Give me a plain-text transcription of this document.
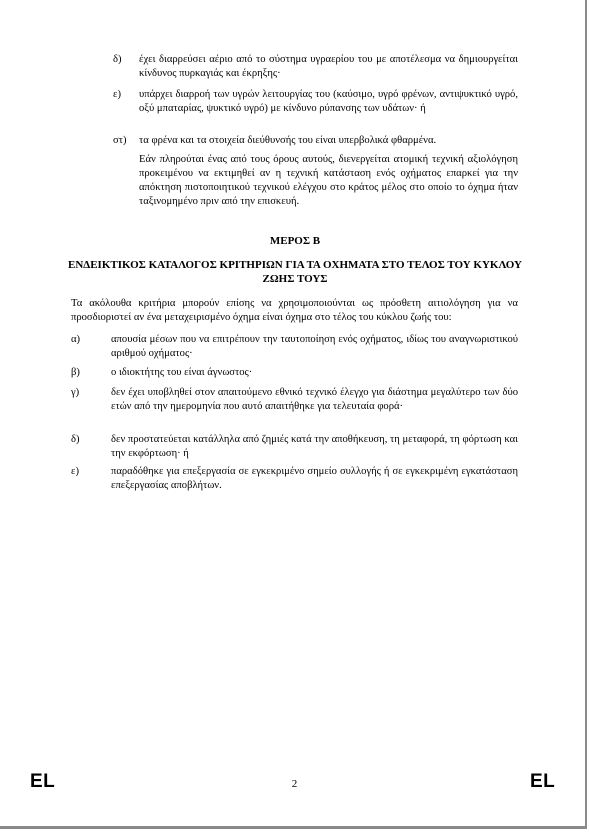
δ) έχει διαρρεύσει αέριο από το σύστημα υγραερίου του με αποτέλεσμα να δημιουργείται κίνδυνος πυρκαγιάς και έκρηξης·
ε) υπάρχει διαρροή των υγρών λειτουργίας του (καύσιμο, υγρό φρένων, αντιψυκτικό υγρό, οξύ μπαταρίας, ψυκτικό υγρό) με κίνδυνο ρύπανσης των υδάτων· ή
στ) τα φρένα και τα στοιχεία διεύθυνσής του είναι υπερβολικά φθαρμένα.
Εάν πληρούται ένας από τους όρους αυτούς, διενεργείται ατομική τεχνική αξιολόγηση προκειμένου να εκτιμηθεί αν η τεχνική κατάσταση ενός οχήματος επαρκεί για την απόκτηση πιστοποιητικού τεχνικού ελέγχου στο κράτος μέλος στο οποίο το όχημα ήταν ταξινομημένο πριν από την επισκευή.
ΜΕΡΟΣ Β
ΕΝΔΕΙΚΤΙΚΟΣ ΚΑΤΑΛΟΓΟΣ ΚΡΙΤΗΡΙΩΝ ΓΙΑ ΤΑ ΟΧΗΜΑΤΑ ΣΤΟ ΤΕΛΟΣ ΤΟΥ ΚΥΚΛΟΥ ΖΩΗΣ ΤΟΥΣ
Τα ακόλουθα κριτήρια μπορούν επίσης να χρησιμοποιούνται ως πρόσθετη αιτιολόγηση για να προσδιοριστεί αν ένα μεταχειρισμένο όχημα είναι όχημα στο τέλος του κύκλου ζωής του:
α)	απουσία μέσων που να επιτρέπουν την ταυτοποίηση ενός οχήματος, ιδίως του αναγνωριστικού αριθμού οχήματος·
β)	ο ιδιοκτήτης του είναι άγνωστος·
γ)	δεν έχει υποβληθεί στον απαιτούμενο εθνικό τεχνικό έλεγχο για διάστημα μεγαλύτερο των δύο ετών από την ημερομηνία που αυτό απαιτήθηκε για τελευταία φορά·
δ)	δεν προστατεύεται κατάλληλα από ζημιές κατά την αποθήκευση, τη μεταφορά, τη φόρτωση και την εκφόρτωση· ή
ε)	παραδόθηκε για επεξεργασία σε εγκεκριμένο σημείο συλλογής ή σε εγκεκριμένη εγκατάσταση επεξεργασίας αποβλήτων.
EL	2	EL
